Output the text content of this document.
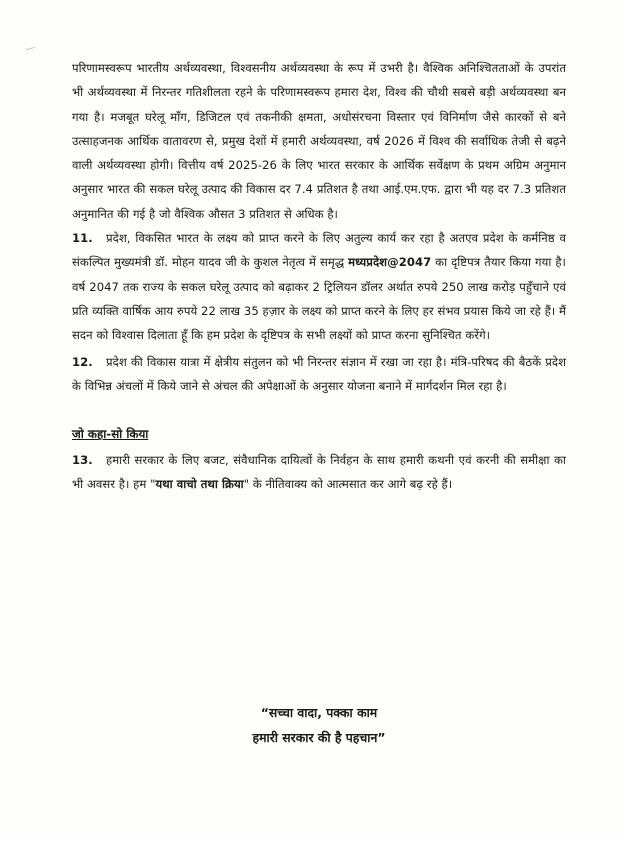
परिणामस्वरूप भारतीय अर्थव्यवस्था, विश्वसनीय अर्थव्यवस्था के रूप में उभरी है। वैश्विक अनिश्चितताओं के उपरांत भी अर्थव्यवस्था में निरन्तर गतिशीलता रहने के परिणामस्वरूप हमारा देश, विश्व की चौथी सबसे बड़ी अर्थव्यवस्था बन गया है। मजबूत घरेलू माँग, डिजिटल एवं तकनीकी क्षमता, अधोसंरचना विस्तार एवं विनिर्माण जैसे कारकों से बने उत्साहजनक आर्थिक वातावरण से, प्रमुख देशों में हमारी अर्थव्यवस्था, वर्ष 2026 में विश्व की सर्वाधिक तेजी से बढ़ने वाली अर्थव्यवस्था होगी। वित्तीय वर्ष 2025-26 के लिए भारत सरकार के आर्थिक सर्वेक्षण के प्रथम अग्रिम अनुमान अनुसार भारत की सकल घरेलू उत्पाद की विकास दर 7.4 प्रतिशत है तथा आई.एम.एफ. द्वारा भी यह दर 7.3 प्रतिशत अनुमानित की गई है जो वैश्विक औसत 3 प्रतिशत से अधिक है।

11. प्रदेश, विकसित भारत के लक्ष्य को प्राप्त करने के लिए अतुल्य कार्य कर रहा है अतएव प्रदेश के कर्मनिष्ठ व संकल्पित मुख्यमंत्री डॉ. मोहन यादव जी के कुशल नेतृत्व में समृद्ध मध्यप्रदेश@2047 का दृष्टिपत्र तैयार किया गया है। वर्ष 2047 तक राज्य के सकल घरेलू उत्पाद को बढ़ाकर 2 ट्रिलियन डॉलर अर्थात रुपये 250 लाख करोड़ पहुँचाने एवं प्रति व्यक्ति वार्षिक आय रुपये 22 लाख 35 हज़ार के लक्ष्य को प्राप्त करने के लिए हर संभव प्रयास किये जा रहे हैं। मैं सदन को विश्वास दिलाता हूँ कि हम प्रदेश के दृष्टिपत्र के सभी लक्ष्यों को प्राप्त करना सुनिश्चित करेंगे।

12. प्रदेश की विकास यात्रा में क्षेत्रीय संतुलन को भी निरन्तर संज्ञान में रखा जा रहा है। मंत्रि-परिषद की बैठकें प्रदेश के विभिन्न अंचलों में किये जाने से अंचल की अपेक्षाओं के अनुसार योजना बनाने में मार्गदर्शन मिल रहा है।

जो कहा-सो किया

13. हमारी सरकार के लिए बजट, संवैधानिक दायित्वों के निर्वहन के साथ हमारी कथनी एवं करनी की समीक्षा का भी अवसर है। हम "यथा वाचो तथा क्रिया" के नीतिवाक्य को आत्मसात कर आगे बढ़ रहे हैं।

“सच्चा वादा, पक्का काम
हमारी सरकार की है पहचान”
